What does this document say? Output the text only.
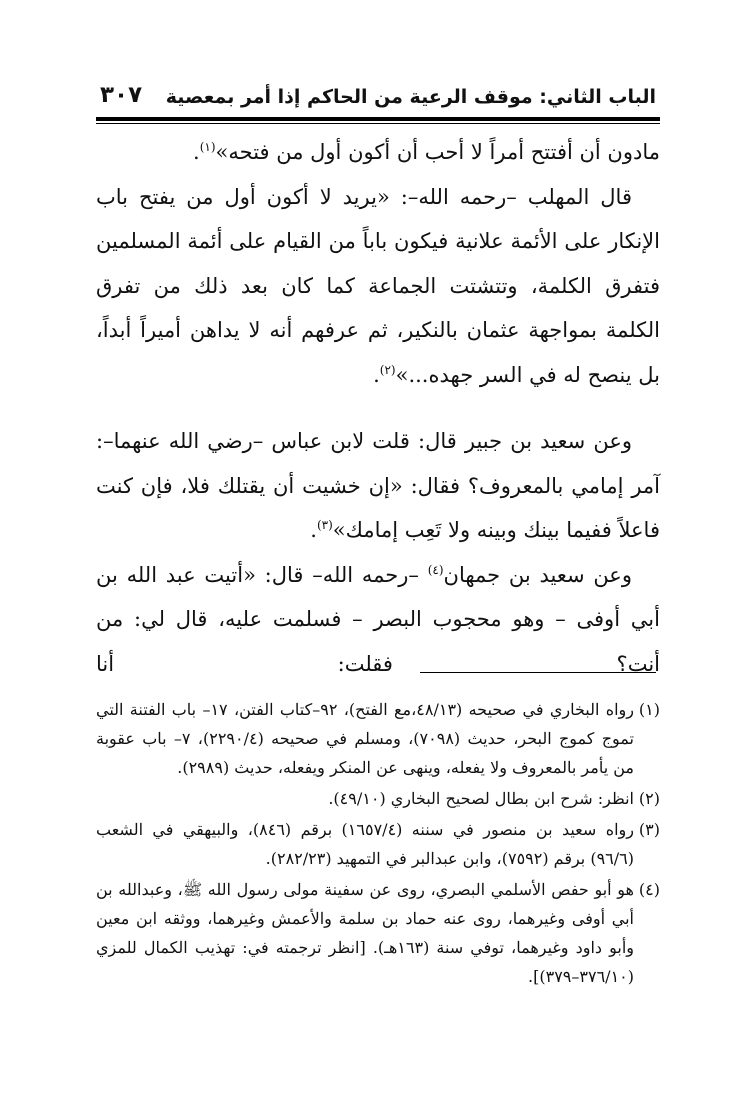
الباب الثاني: موقف الرعية من الحاكم إذا أمر بمعصية
٣٠٧

مادون أن أفتتح أمراً لا أحب أن أكون أول من فتحه»$^{(١)}$.

قال المهلب –رحمه الله–: «يريد لا أكون أول من يفتح باب الإنكار على الأئمة علانية فيكون باباً من القيام على أئمة المسلمين فتفرق الكلمة، وتتشتت الجماعة كما كان بعد ذلك من تفرق الكلمة بمواجهة عثمان بالنكير، ثم عرفهم أنه لا يداهن أميراً أبداً، بل ينصح له في السر جهده...»$^{(٢)}$.

وعن سعيد بن جبير قال: قلت لابن عباس –رضي الله عنهما–: آمر إمامي بالمعروف؟ فقال: «إن خشيت أن يقتلك فلا، فإن كنت فاعلاً ففيما بينك وبينه ولا تَعِب إمامك»$^{(٣)}$.

وعن سعيد بن جمهان$^{(٤)}$ –رحمه الله– قال: «أتيت عبد الله بن أبي أوفى – وهو محجوب البصر – فسلمت عليه، قال لي: من أنت؟ فقلت: أنا

(١)
رواه البخاري في صحيحه (٤٨/١٣،مع الفتح)، ٩٢–كتاب الفتن، ١٧– باب الفتنة التي تموج كموج البحر، حديث (٧٠٩٨)، ومسلم في صحيحه (٢٢٩٠/٤)، ٧– باب عقوبة من يأمر بالمعروف ولا يفعله، وينهى عن المنكر ويفعله، حديث (٢٩٨٩).

(٢)
انظر: شرح ابن بطال لصحيح البخاري (٤٩/١٠).

(٣)
رواه سعيد بن منصور في سننه (١٦٥٧/٤) برقم (٨٤٦)، والبيهقي في الشعب (٩٦/٦) برقم (٧٥٩٢)، وابن عبدالبر في التمهيد (٢٨٢/٢٣).

(٤)
هو أبو حفص الأسلمي البصري، روى عن سفينة مولى رسول الله ﷺ، وعبدالله بن أبي أوفى وغيرهما، روى عنه حماد بن سلمة والأعمش وغيرهما، ووثقه ابن معين وأبو داود وغيرهما، توفي سنة (١٦٣هـ). [انظر ترجمته في: تهذيب الكمال للمزي (٣٧٦/١٠–٣٧٩)].
